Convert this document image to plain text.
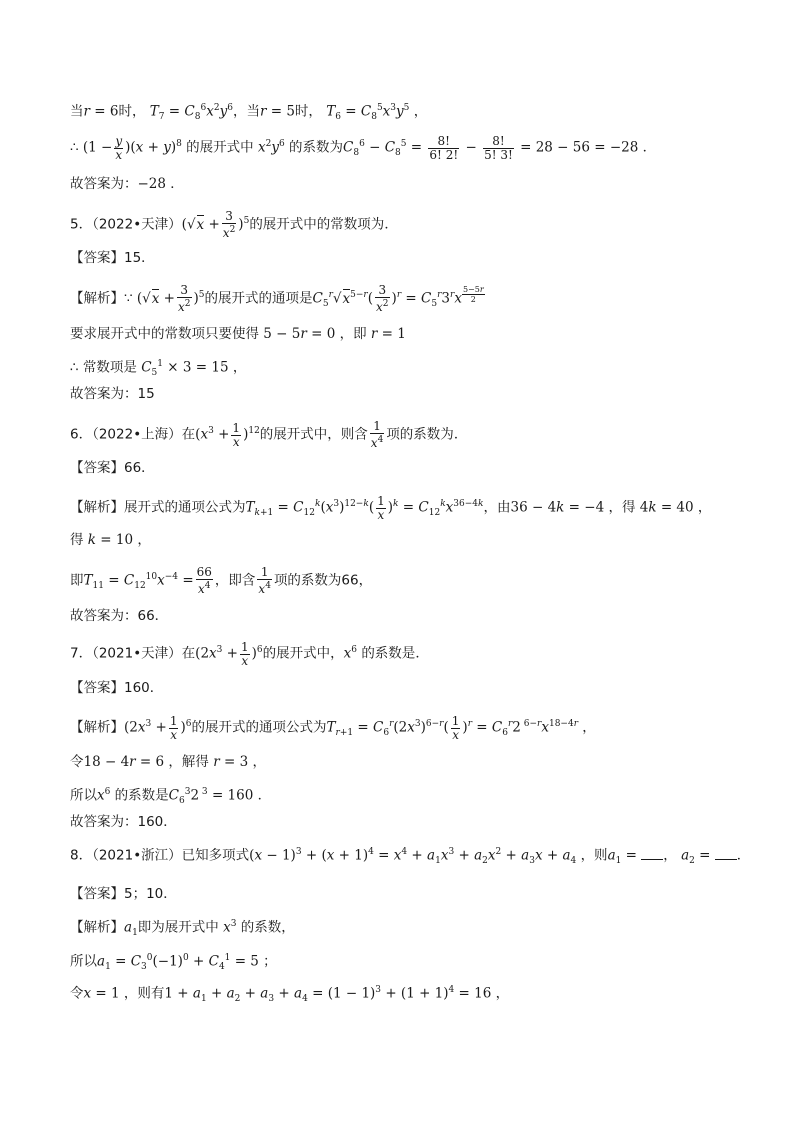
当r = 6时， $T_7 = C_8^6x^2y^6$，当r = 5时， $T_6 = C_8^5x^3y^5$ ，
∴ $(1 - \frac{y}{x} )(x + y)^8$ 的展开式中 $x^2y^6$ 的系数为$C_8^6 - C_8^5 = \frac{8!}{6! 2!} - \frac{8!}{5! 3!} = 28 - 56 = -28$ ．
故答案为：−28 ．
5．（2022•天津）$(√x + \frac{3}{x^2} )^5$的展开式中的常数项为．
【答案】15．
【解析】∵ $(√x + \frac{3}{x^2} )^5$的展开式的通项是$C_5^r√x^{5-r}( \frac{3}{x^2} )^r = C_5^r3^rx$ $^{\frac{5-5r}{2}}$
要求展开式中的常数项只要使得 5 − 5r = 0 ，即 r = 1
∴ 常数项是 $C_5^1 \times 3 = 15$ ，
故答案为：15
6．（2022•上海）在$(x^3 + \frac{1}{x} )^{12}$的展开式中，则含 $\frac{1}{x^4}$ 项的系数为．
【答案】66．
【解析】展开式的通项公式为$T_{k+1} = C_{12}^k(x^3)^{12-k}( \frac{1}{x} )^k = C_{12}^kx^{36-4k}$，由36 − 4k = −4 ，得 4k = 40 ，
得 k = 10 ，
即$T_{11} = C_{12}^{10}x^{-4} = \frac{66}{x^4}$ ，即含 $\frac{1}{x^4}$ 项的系数为66，
故答案为：66．
7．（2021•天津）在$(2x^3 + \frac{1}{x} )^6$的展开式中，$x^6$ 的系数是．
【答案】160．
【解析】$(2x^3 + \frac{1}{x} )^6$的展开式的通项公式为$T_{r+1} = C_6^r(2x^3)^{6-r}( \frac{1}{x} )^r = C_6^r2$ $^{6-r}x^{18-4r}$ ，
令18 − 4r = 6 ，解得 r = 3 ，
所以$x^6$ 的系数是$C_6^32$ $^3$ = 160 ．
故答案为：160．
8．（2021•浙江）已知多项式$(x - 1)^3 + (x + 1)^4 = x^4 + a_1x^3 + a_2x^2 + a_3x + a_4$ ，则$a_1$ = ， $a_2$ = ．
【答案】5；10．
【解析】$a_1$即为展开式中 $x^3$ 的系数，
所以$a_1 = C_3^0(-1)^0 + C_4^1 = 5$ ；
令x = 1 ，则有$1 + a_1 + a_2 + a_3 + a_4 = (1 - 1)^3 + (1 + 1)^4 = 16$ ，
